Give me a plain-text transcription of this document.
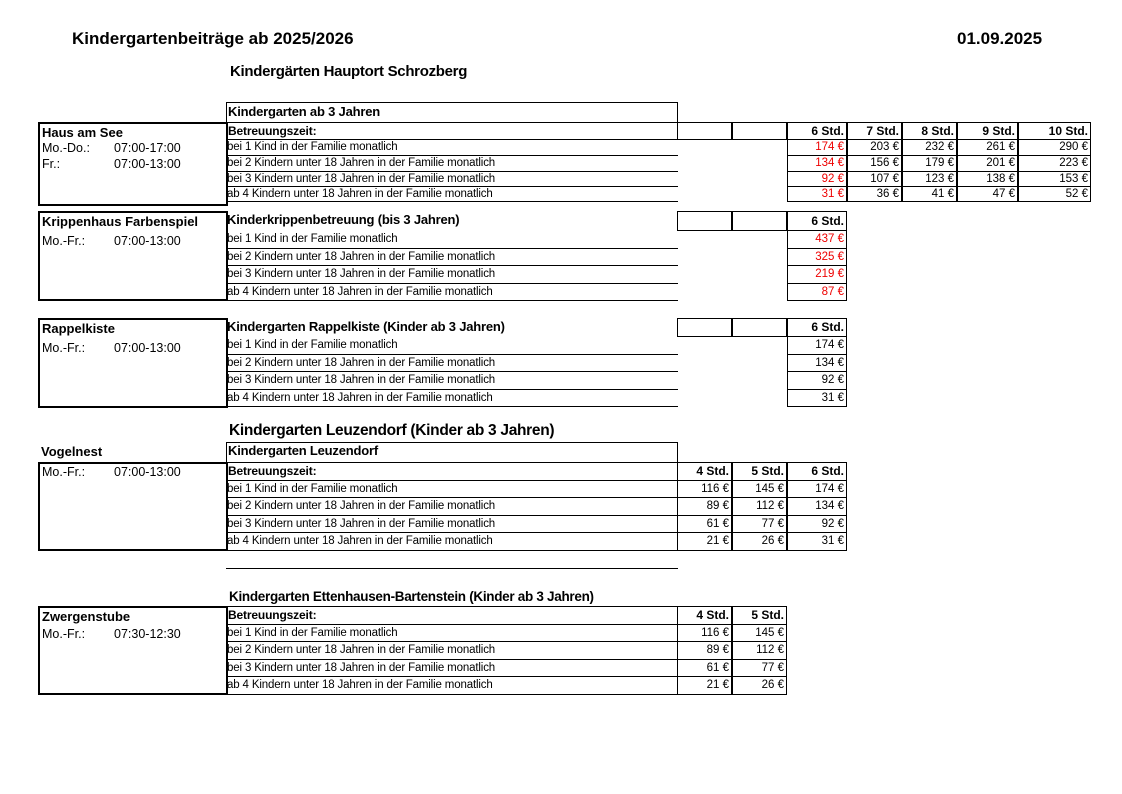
Kindergartenbeiträge ab 2025/2026	01.09.2025
Kindergärten Hauptort Schrozberg
Kindergarten ab 3 Jahren
Haus am See
Mo.-Do.: 07:00-17:00
Fr.:	07:00-13:00
Betreuungszeit:	6 Std.	7 Std.	8 Std.	9 Std.	10 Std.
bei 1 Kind in der Familie monatlich	174 €	203 €	232 €	261 €	290 €
bei 2 Kindern unter 18 Jahren in der Familie monatlich	134 €	156 €	179 €	201 €	223 €
bei 3 Kindern unter 18 Jahren in der Familie monatlich	92 €	107 €	123 €	138 €	153 €
ab 4 Kindern unter 18 Jahren in der Familie monatlich	31 €	36 €	41 €	47 €	52 €
Kinderkrippenbetreuung (bis 3 Jahren)
Krippenhaus Farbenspiel
Mo.-Fr.: 07:00-13:00
6 Std.
bei 1 Kind in der Familie monatlich	437 €
bei 2 Kindern unter 18 Jahren in der Familie monatlich	325 €
bei 3 Kindern unter 18 Jahren in der Familie monatlich	219 €
ab 4 Kindern unter 18 Jahren in der Familie monatlich	87 €
Kindergarten Rappelkiste (Kinder ab 3 Jahren)
Rappelkiste
Mo.-Fr.: 07:00-13:00
6 Std.
bei 1 Kind in der Familie monatlich	174 €
bei 2 Kindern unter 18 Jahren in der Familie monatlich	134 €
bei 3 Kindern unter 18 Jahren in der Familie monatlich	92 €
ab 4 Kindern unter 18 Jahren in der Familie monatlich	31 €
Kindergarten Leuzendorf (Kinder ab 3 Jahren)
Vogelnest	Kindergarten Leuzendorf
Mo.-Fr.: 07:00-13:00	Betreuungszeit:	4 Std.	5 Std.	6 Std.
bei 1 Kind in der Familie monatlich	116 €	145 €	174 €
bei 2 Kindern unter 18 Jahren in der Familie monatlich	89 €	112 €	134 €
bei 3 Kindern unter 18 Jahren in der Familie monatlich	61 €	77 €	92 €
ab 4 Kindern unter 18 Jahren in der Familie monatlich	21 €	26 €	31 €
Kindergarten Ettenhausen-Bartenstein (Kinder ab 3 Jahren)
Zwergenstube
Mo.-Fr.: 07:30-12:30
Betreuungszeit:	4 Std.	5 Std.
bei 1 Kind in der Familie monatlich	116 €	145 €
bei 2 Kindern unter 18 Jahren in der Familie monatlich	89 €	112 €
bei 3 Kindern unter 18 Jahren in der Familie monatlich	61 €	77 €
ab 4 Kindern unter 18 Jahren in der Familie monatlich	21 €	26 €
